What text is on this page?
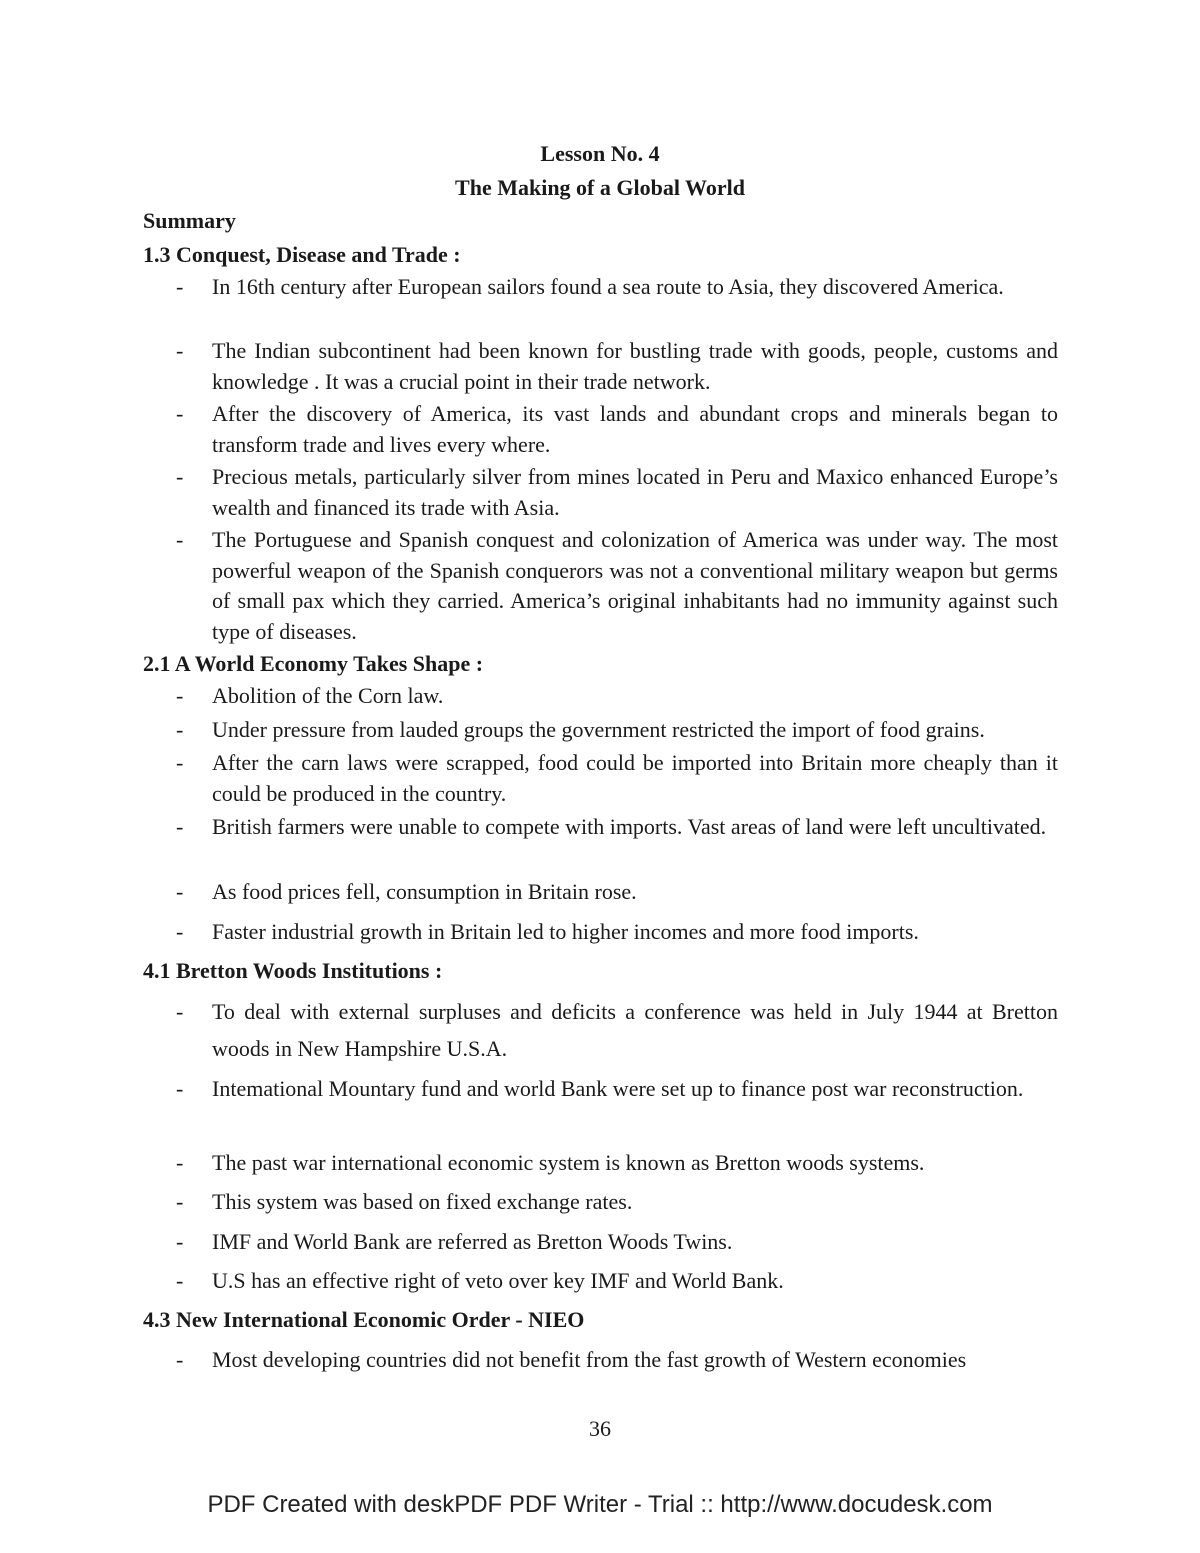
Lesson No. 4
The Making of a Global World
Summary
1.3 Conquest, Disease and Trade :
-	In 16th century after European sailors found a sea route to Asia, they discovered America.
-	The Indian subcontinent had been known for bustling trade with goods, people, customs and knowledge . It was a crucial point in their trade network.
-	After the discovery of America, its vast lands and abundant crops and minerals began to transform trade and lives every where.
-	Precious metals, particularly silver from mines located in Peru and Maxico enhanced Europe’s wealth and financed its trade with Asia.
-	The Portuguese and Spanish conquest and colonization of America was under way. The most powerful weapon of the Spanish conquerors was not a conventional military weapon but germs of small pax which they carried. America’s original inhabitants had no immunity against such type of diseases.
2.1 A World Economy Takes Shape :
-	Abolition of the Corn law.
-	Under pressure from lauded groups the government restricted the import of food grains.
-	After the carn laws were scrapped, food could be imported into Britain more cheaply than it could be produced in the country.
-	British farmers were unable to compete with imports. Vast areas of land were left uncultivated.
-	As food prices fell, consumption in Britain rose.
-	Faster industrial growth in Britain led to higher incomes and more food imports.
4.1 Bretton Woods Institutions :
-	To deal with external surpluses and deficits a conference was held in July 1944 at Bretton woods in New Hampshire U.S.A.
-	Intemational Mountary fund and world Bank were set up to finance post war reconstruction.
-	The past war international economic system is known as Bretton woods systems.
-	This system was based on fixed exchange rates.
-	IMF and World Bank are referred as Bretton Woods Twins.
-	U.S has an effective right of veto over key IMF and World Bank.
4.3 New International Economic Order - NIEO
-	Most developing countries did not benefit from the fast growth of Western economies
36
PDF Created with deskPDF PDF Writer - Trial :: http://www.docudesk.com
